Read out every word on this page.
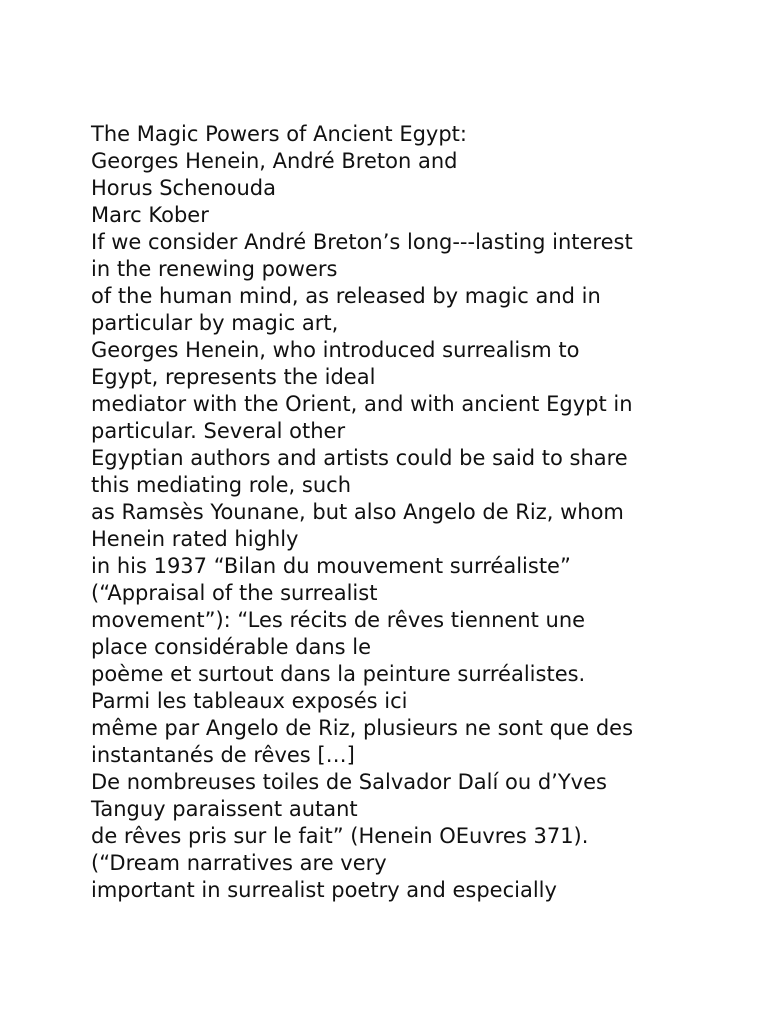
The Magic Powers of Ancient Egypt:
Georges Henein, André Breton and
Horus Schenouda
Marc Kober
If we consider André Breton’s long---lasting interest
in the renewing powers
of the human mind, as released by magic and in
particular by magic art,
Georges Henein, who introduced surrealism to
Egypt, represents the ideal
mediator with the Orient, and with ancient Egypt in
particular. Several other
Egyptian authors and artists could be said to share
this mediating role, such
as Ramsès Younane, but also Angelo de Riz, whom
Henein rated highly
in his 1937 “Bilan du mouvement surréaliste”
(“Appraisal of the surrealist
movement”): “Les récits de rêves tiennent une
place considérable dans le
poème et surtout dans la peinture surréalistes.
Parmi les tableaux exposés ici
même par Angelo de Riz, plusieurs ne sont que des
instantanés de rêves […]
De nombreuses toiles de Salvador Dalí ou d’Yves
Tanguy paraissent autant
de rêves pris sur le fait” (Henein OEuvres 371).
(“Dream narratives are very
important in surrealist poetry and especially
